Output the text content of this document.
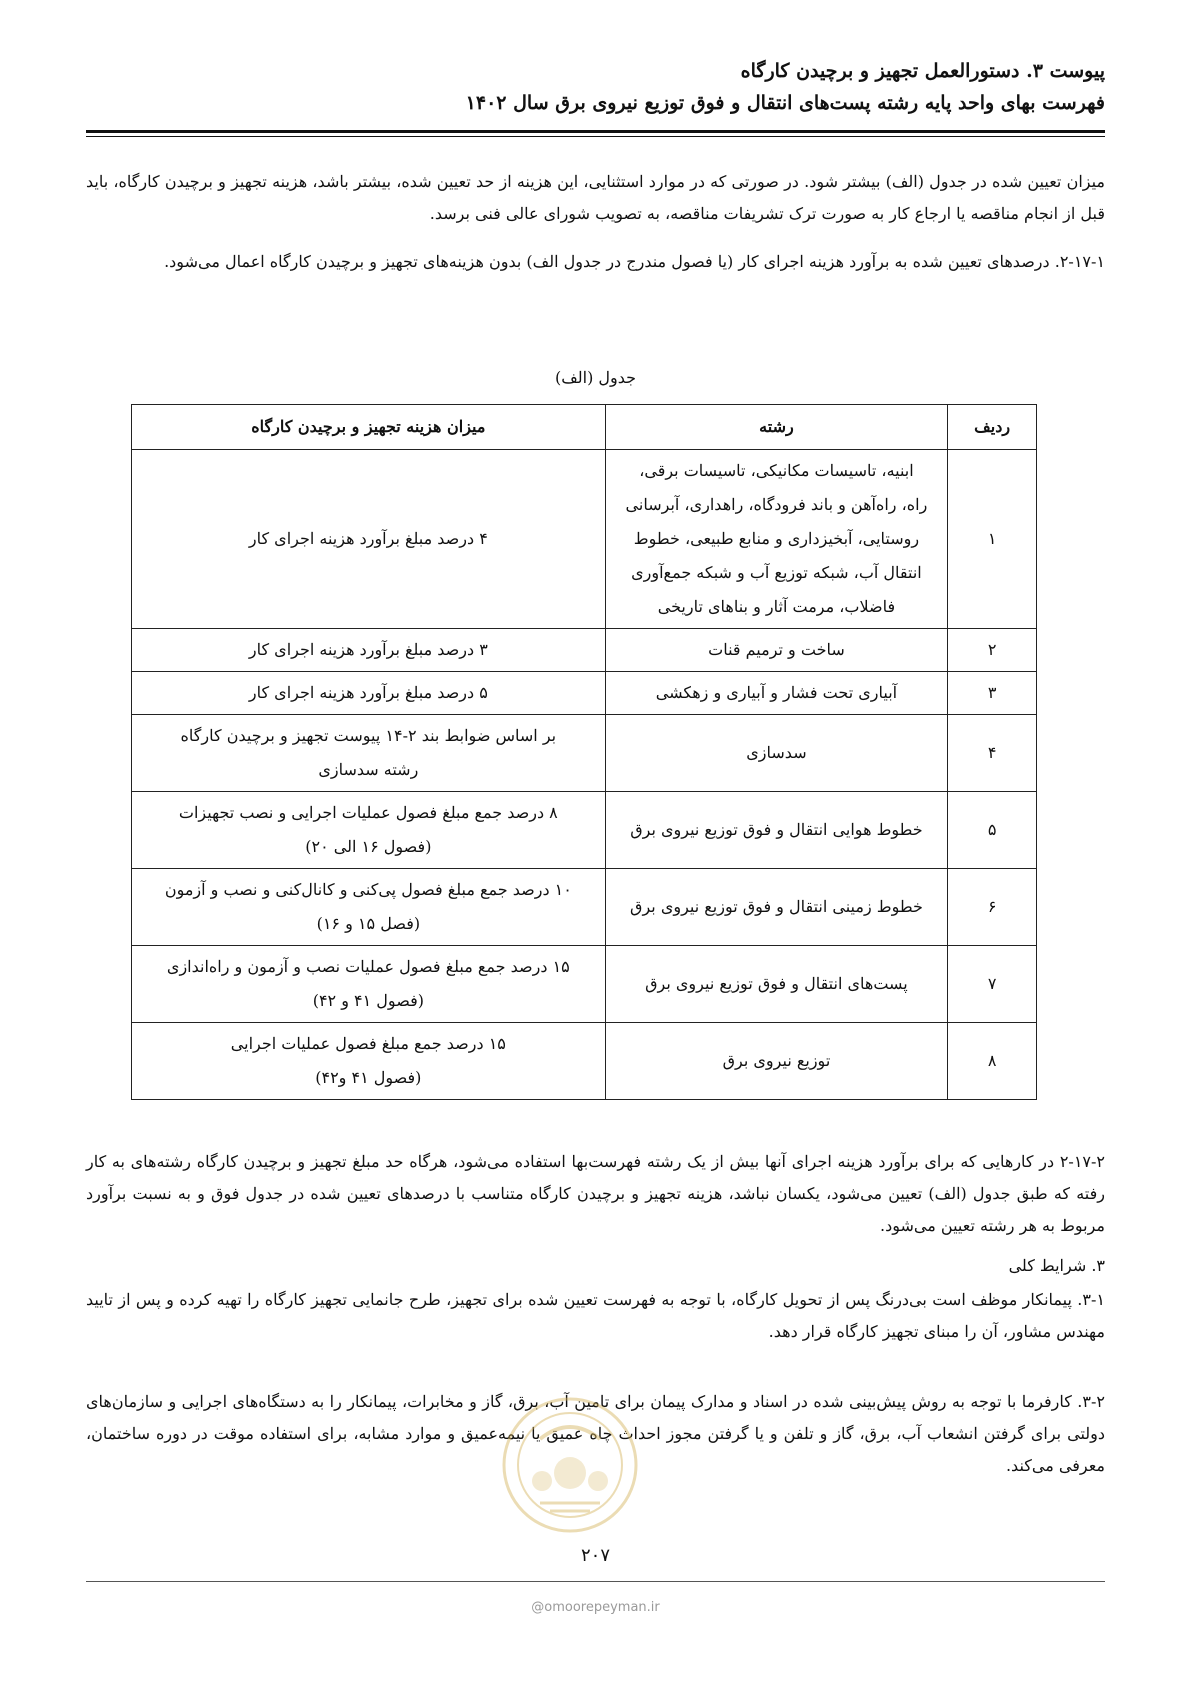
پیوست ۳. دستورالعمل تجهیز و برچیدن کارگاه
فهرست بهای واحد پایه رشته پست‌های انتقال و فوق توزیع نیروی برق سال ۱۴۰۲
میزان تعیین شده در جدول (الف) بیشتر شود. در صورتی که در موارد استثنایی، این هزینه از حد تعیین شده، بیشتر باشد، هزینه تجهیز و برچیدن کارگاه، باید قبل از انجام مناقصه یا ارجاع کار به صورت ترک تشریفات مناقصه، به تصویب شورای عالی فنی برسد.
۲-۱۷-۱. درصدهای تعیین شده به برآورد هزینه اجرای کار (یا فصول مندرج در جدول الف) بدون هزینه‌های تجهیز و برچیدن کارگاه اعمال می‌شود.
جدول (الف)
ردیف	رشته	میزان هزینه تجهیز و برچیدن کارگاه
۱	ابنیه، تاسیسات مکانیکی، تاسیسات برقی،
راه، راه‌آهن و باند فرودگاه، راهداری، آبرسانی
روستایی، آبخیزداری و منابع طبیعی، خطوط
انتقال آب، شبکه توزیع آب و شبکه جمع‌آوری
فاضلاب، مرمت آثار و بناهای تاریخی	۴ درصد مبلغ برآورد هزینه اجرای کار

۲	ساخت و ترمیم قنات	۳ درصد مبلغ برآورد هزینه اجرای کار

۳	آبیاری تحت فشار و آبیاری و زهکشی	۵ درصد مبلغ برآورد هزینه اجرای کار

۴	سدسازی	بر اساس ضوابط بند ۲-۱۴ پیوست تجهیز و برچیدن کارگاه
رشته سدسازی

۵	خطوط هوایی انتقال و فوق توزیع نیروی برق	۸ درصد جمع مبلغ فصول عملیات اجرایی و نصب تجهیزات
(فصول ۱۶ الی ۲۰)

۶	خطوط زمینی انتقال و فوق توزیع نیروی برق	۱۰ درصد جمع مبلغ فصول پی‌کنی و کانال‌کنی و نصب و آزمون
(فصل ۱۵ و ۱۶)

۷	پست‌های انتقال و فوق توزیع نیروی برق	۱۵ درصد جمع مبلغ فصول عملیات نصب و آزمون و راه‌اندازی
(فصول ۴۱ و ۴۲)

۸	توزیع نیروی برق	۱۵ درصد جمع مبلغ فصول عملیات اجرایی
(فصول ۴۱ و۴۲)
۲-۱۷-۲ در کارهایی که برای برآورد هزینه اجرای آنها بیش از یک رشته فهرست‌بها استفاده می‌شود، هرگاه حد مبلغ تجهیز و برچیدن کارگاه رشته‌های به کار رفته که طبق جدول (الف) تعیین می‌شود، یکسان نباشد، هزینه تجهیز و برچیدن کارگاه متناسب با درصدهای تعیین شده در جدول فوق و به نسبت برآورد مربوط به هر رشته تعیین می‌شود.
۳. شرایط کلی
۳-۱. پیمانکار موظف است بی‌درنگ پس از تحویل کارگاه، با توجه به فهرست تعیین شده برای تجهیز، طرح جانمایی تجهیز کارگاه را تهیه کرده و پس از تایید مهندس مشاور، آن را مبنای تجهیز کارگاه قرار دهد.
۳-۲. کارفرما با توجه به روش پیش‌بینی شده در اسناد و مدارک پیمان برای تامین آب، برق، گاز و مخابرات، پیمانکار را به دستگاه‌های اجرایی و سازمان‌های دولتی برای گرفتن انشعاب آب، برق، گاز و تلفن و یا گرفتن مجوز احداث چاه عمیق یا نیمه‌عمیق و موارد مشابه، برای استفاده موقت در دوره ساختمان، معرفی می‌کند.
۲۰۷
@omoorepeyman.ir
